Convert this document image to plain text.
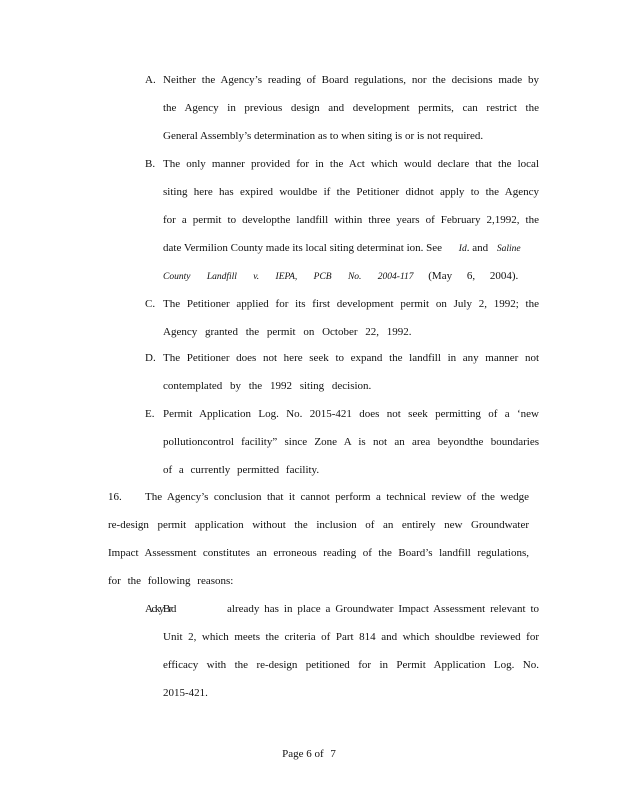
A. Neither the Agency’s reading of Board regulations, nor the decisions made by
the Agency in previous design and development permits, can restrict the
General Assembly’s determination as to when siting is or is not required.
B. The only manner provided for in the Act which would declare that the local
siting here has expired wouldbe if the Petitioner didnot apply to the Agency
for a permit to developthe landfill within three years of February 2,1992, the
date Vermilion County made its local siting determinat ion. See Id. and Saline
County Landfill v. IEPA, PCB No. 2004-117 (May 6, 2004).
C. The Petitioner applied for its first development permit on July 2, 1992; the
Agency granted the permit on October 22, 1992.
D. The Petitioner does not here seek to expand the landfill in any manner not
contemplated by the 1992 siting decision.
E. Permit Application Log. No. 2015-421 does not seek permitting of a ‘new
pollutioncontrol facility” since Zone A is not an area beyondthe boundaries
of a currently permitted facility.
16. The Agency’s conclusion that it cannot perform a technical review of the wedge
re-design permit application without the inclusion of an entirely new Groundwater
Impact Assessment constitutes an erroneous reading of the Board’s landfill regulations,
for the following reasons:
AckyBrd	already has in place a Groundwater Impact Assessment relevant to
Unit 2, which meets the criteria of Part 814 and which shouldbe reviewed for
efficacy with the re-design petitioned for in Permit Application Log. No.
2015-421.
Page 6 of 7
